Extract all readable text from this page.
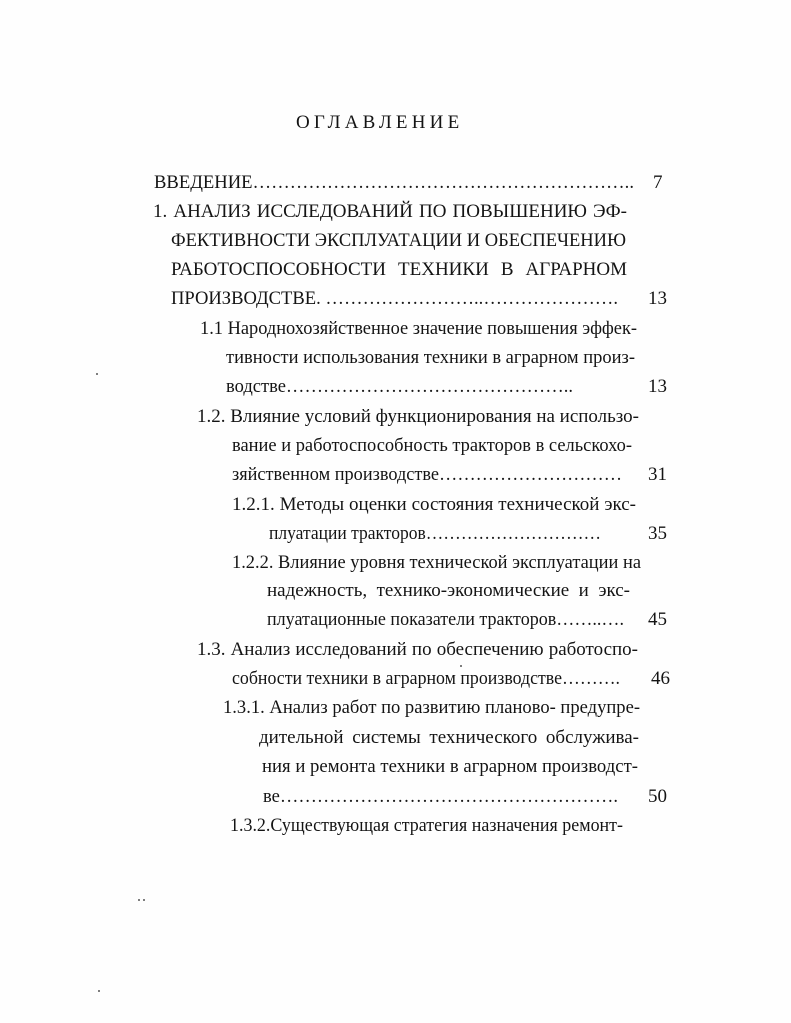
ОГЛАВЛЕНИЕ
ВВЕДЕНИЕ……………………………………………………..
1. АНАЛИЗ ИССЛЕДОВАНИЙ ПО ПОВЫШЕНИЮ ЭФ-
ФЕКТИВНОСТИ ЭКСПЛУАТАЦИИ И ОБЕСПЕЧЕНИЮ
РАБОТОСПОСОБНОСТИ ТЕХНИКИ В АГРАРНОМ
ПРОИЗВОДСТВЕ. ……………………..………………….
1.1 Народнохозяйственное значение повышения эффек-
тивности использования техники в аграрном произ-
водстве………………………………………..
1.2. Влияние условий функционирования на использо-
вание и работоспособность тракторов в сельскохо-
зяйственном производстве…………………………
1.2.1. Методы оценки состояния технической экс-
плуатации тракторов…………………………
1.2.2. Влияние уровня технической эксплуатации на
надежность, технико-экономические и экс-
плуатационные показатели тракторов……..….
1.3. Анализ исследований по обеспечению работоспо-
собности техники в аграрном производстве……….
1.3.1. Анализ работ по развитию планово- предупре-
дительной системы технического обслужива-
ния и ремонта техники в аграрном производст-
ве……………………………………………….
1.3.2.Существующая стратегия назначения ремонт-
7
13
13
31
35
45
46
50
